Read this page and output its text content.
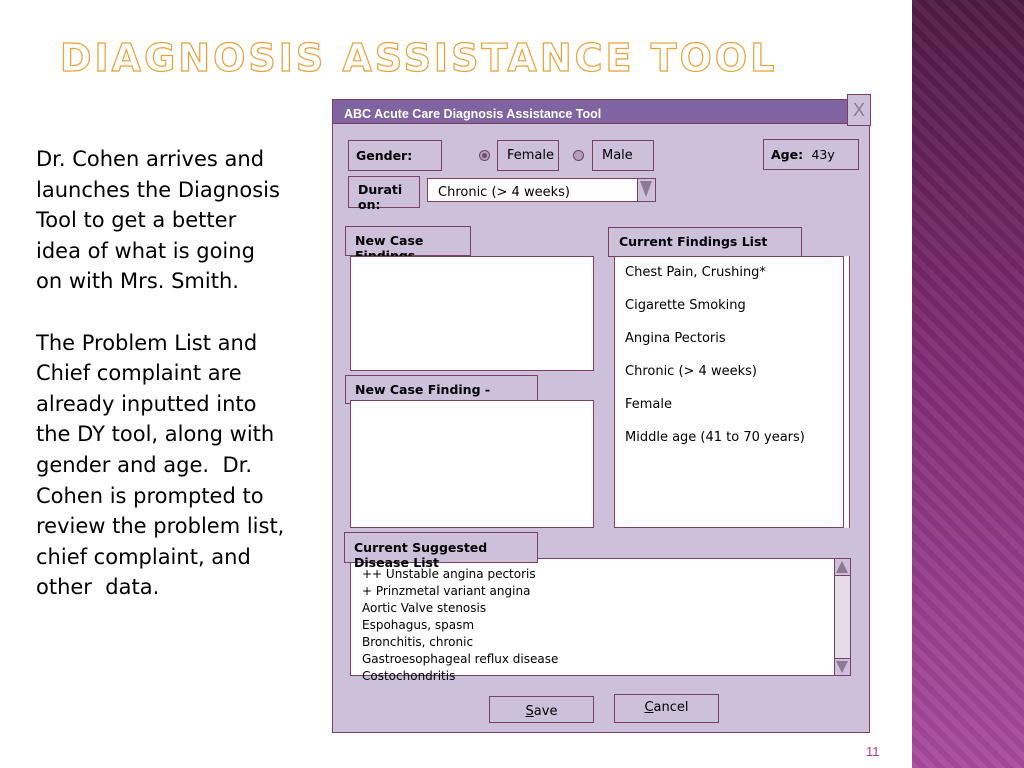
DIAGNOSIS ASSISTANCE TOOL

Dr. Cohen arrives and launches the Diagnosis Tool to get a better idea of what is going on with Mrs. Smith.

The Problem List and Chief complaint are already inputted into the DY tool, along with gender and age.  Dr. Cohen is prompted to review the problem list, chief complaint, and other  data.

ABC Acute Care Diagnosis Assistance Tool	X
Gender:	Female	Male	Age: 43y
Duration:
Chronic (> 4 weeks)
New Case
New Case Finding -
Current Findings List
Chest Pain, Crushing*
Cigarette Smoking
Angina Pectoris
Chronic (> 4 weeks)
Female
Middle age (41 to 70 years)
++ Unstable angina pectoris
+ Prinzmetal variant angina
Aortic Valve stenosis
Espohagus, spasm
Bronchitis, chronic
Gastroesophageal reflux disease
Costochondritis
Current Suggested Disease List
Save	Cancel
11
